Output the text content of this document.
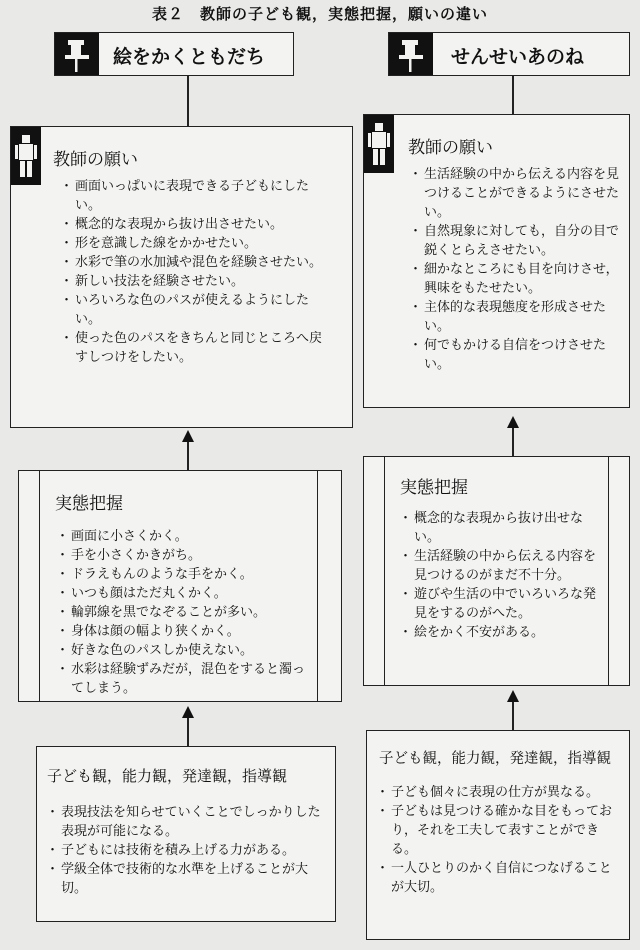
表２　教師の子ども観，実態把握，願いの違い
絵をかくともだち
教師の願い
・ 画面いっぱいに表現できる子どもにしたい。
・ 概念的な表現から抜け出させたい。
・ 形を意識した線をかかせたい。
・ 水彩で筆の水加減や混色を経験させたい。
・ 新しい技法を経験させたい。
・ いろいろな色のパスが使えるようにしたい。
・ 使った色のパスをきちんと同じところへ戻すしつけをしたい。
実態把握
・ 画面に小さくかく。
・ 手を小さくかきがち。
・ ドラえもんのような手をかく。
・ いつも顔はただ丸くかく。
・ 輪郭線を黒でなぞることが多い。
・ 身体は顔の幅より狭くかく。
・ 好きな色のパスしか使えない。
・ 水彩は経験ずみだが，混色をすると濁ってしまう。
子ども観，能力観，発達観，指導観
・ 表現技法を知らせていくことでしっかりした表現が可能になる。
・ 子どもには技術を積み上げる力がある。
・ 学級全体で技術的な水準を上げることが大切。
せんせいあのね
教師の願い
・ 生活経験の中から伝える内容を見つけることができるようにさせたい。
・ 自然現象に対しても，自分の目で鋭くとらえさせたい。
・ 細かなところにも目を向けさせ，興味をもたせたい。
・ 主体的な表現態度を形成させたい。
・ 何でもかける自信をつけさせたい。
実態把握
・ 概念的な表現から抜け出せない。
・ 生活経験の中から伝える内容を見つけるのがまだ不十分。
・ 遊びや生活の中でいろいろな発見をするのがへた。
・ 絵をかく不安がある。
子ども観，能力観，発達観，指導観
・ 子ども個々に表現の仕方が異なる。
・ 子どもは見つける確かな目をもっており，それを工夫して表すことができる。
・ 一人ひとりのかく自信につなげることが大切。
